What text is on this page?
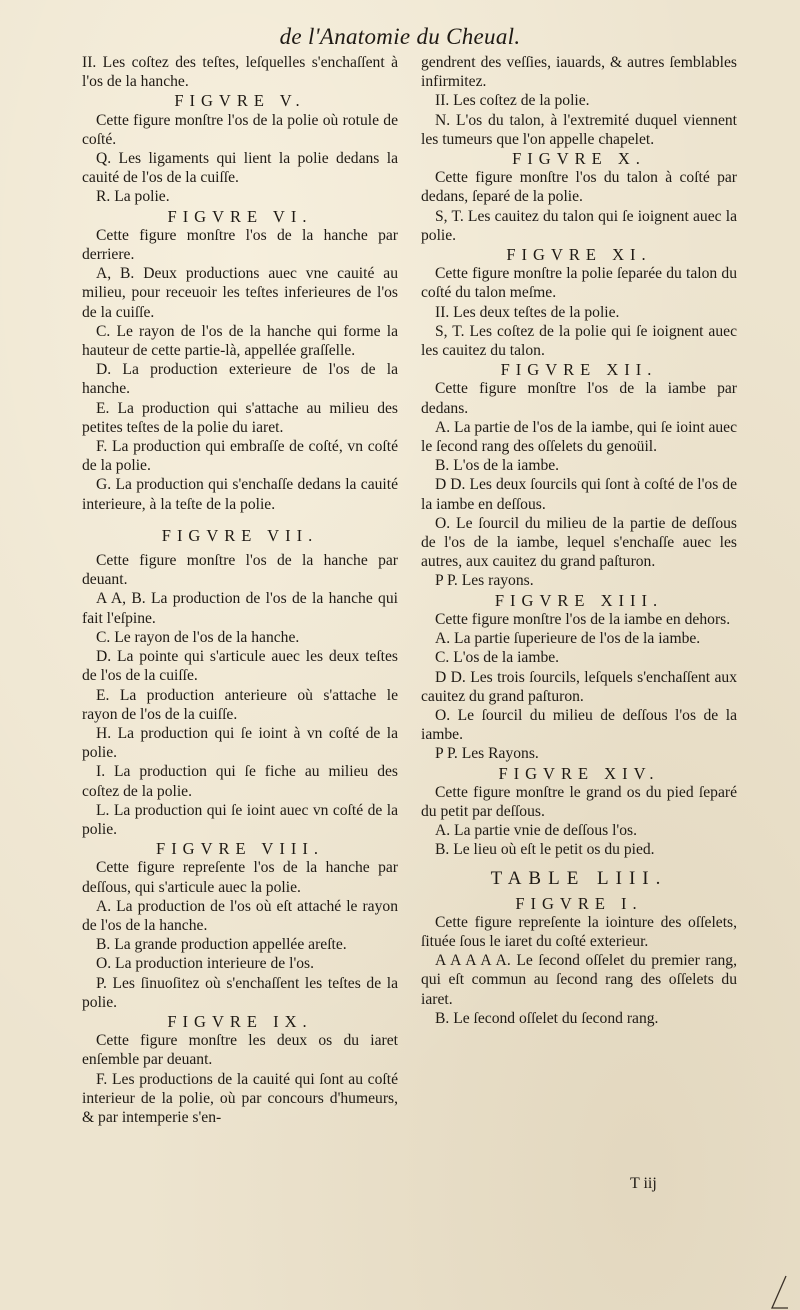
de l'Anatomie du Cheual.

II. Les coſtez des teſtes, leſquelles s'enchaſſent à l'os de la hanche.

FIGVRE V.

Cette figure monſtre l'os de la polie où rotule de coſté.

Q. Les ligaments qui lient la polie dedans la cauité de l'os de la cuiſſe.

R. La polie.

FIGVRE VI.

Cette figure monſtre l'os de la hanche par derriere.

A, B. Deux productions auec vne cauité au milieu, pour receuoir les teſtes inferieures de l'os de la cuiſſe.

C. Le rayon de l'os de la hanche qui forme la hauteur de cette partie-là, appellée graſſelle.

D. La production exterieure de l'os de la hanche.

E. La production qui s'attache au milieu des petites teſtes de la polie du iaret.

F. La production qui embraſſe de coſté, vn coſté de la polie.

G. La production qui s'enchaſſe dedans la cauité interieure, à la teſte de la polie.

FIGVRE VII.

Cette figure monſtre l'os de la hanche par deuant.

A A, B. La production de l'os de la hanche qui fait l'eſpine.

C. Le rayon de l'os de la hanche.

D. La pointe qui s'articule auec les deux teſtes de l'os de la cuiſſe.

E. La production anterieure où s'attache le rayon de l'os de la cuiſſe.

H. La production qui ſe ioint à vn coſté de la polie.

I. La production qui ſe fiche au milieu des coſtez de la polie.

L. La production qui ſe ioint auec vn coſté de la polie.

FIGVRE VIII.

Cette figure repreſente l'os de la hanche par deſſous, qui s'articule auec la polie.

A. La production de l'os où eſt attaché le rayon de l'os de la hanche.

B. La grande production appellée areſte.

O. La production interieure de l'os.

P. Les ſinuoſitez où s'enchaſſent les teſtes de la polie.

FIGVRE IX.

Cette figure monſtre les deux os du iaret enſemble par deuant.

F. Les productions de la cauité qui ſont au coſté interieur de la polie, où par concours d'humeurs, & par intemperie s'en-

gendrent des veſſies, iauards, & autres ſemblables infirmitez.

II. Les coſtez de la polie.

N. L'os du talon, à l'extremité duquel viennent les tumeurs que l'on appelle chapelet.

FIGVRE X.

Cette figure monſtre l'os du talon à coſté par dedans, ſeparé de la polie.

S, T. Les cauitez du talon qui ſe ioignent auec la polie.

FIGVRE XI.

Cette figure monſtre la polie ſeparée du talon du coſté du talon meſme.

II. Les deux teſtes de la polie.

S, T. Les coſtez de la polie qui ſe ioignent auec les cauitez du talon.

FIGVRE XII.

Cette figure monſtre l'os de la iambe par dedans.

A. La partie de l'os de la iambe, qui ſe ioint auec le ſecond rang des oſſelets du genoüil.

B. L'os de la iambe.

D D. Les deux ſourcils qui ſont à coſté de l'os de la iambe en deſſous.

O. Le ſourcil du milieu de la partie de deſſous de l'os de la iambe, lequel s'enchaſſe auec les autres, aux cauitez du grand paſturon.

P P. Les rayons.

FIGVRE XIII.

Cette figure monſtre l'os de la iambe en dehors.

A. La partie ſuperieure de l'os de la iambe.

C. L'os de la iambe.

D D. Les trois ſourcils, leſquels s'enchaſſent aux cauitez du grand paſturon.

O. Le ſourcil du milieu de deſſous l'os de la iambe.

P P. Les Rayons.

FIGVRE XIV.

Cette figure monſtre le grand os du pied ſeparé du petit par deſſous.

A. La partie vnie de deſſous l'os.

B. Le lieu où eſt le petit os du pied.

TABLE LIII.
FIGVRE I.

Cette figure repreſente la iointure des oſſelets, ſituée ſous le iaret du coſté exterieur.

A A A A A. Le ſecond oſſelet du premier rang, qui eſt commun au ſecond rang des oſſelets du iaret.

B. Le ſecond oſſelet du ſecond rang.

T iij
